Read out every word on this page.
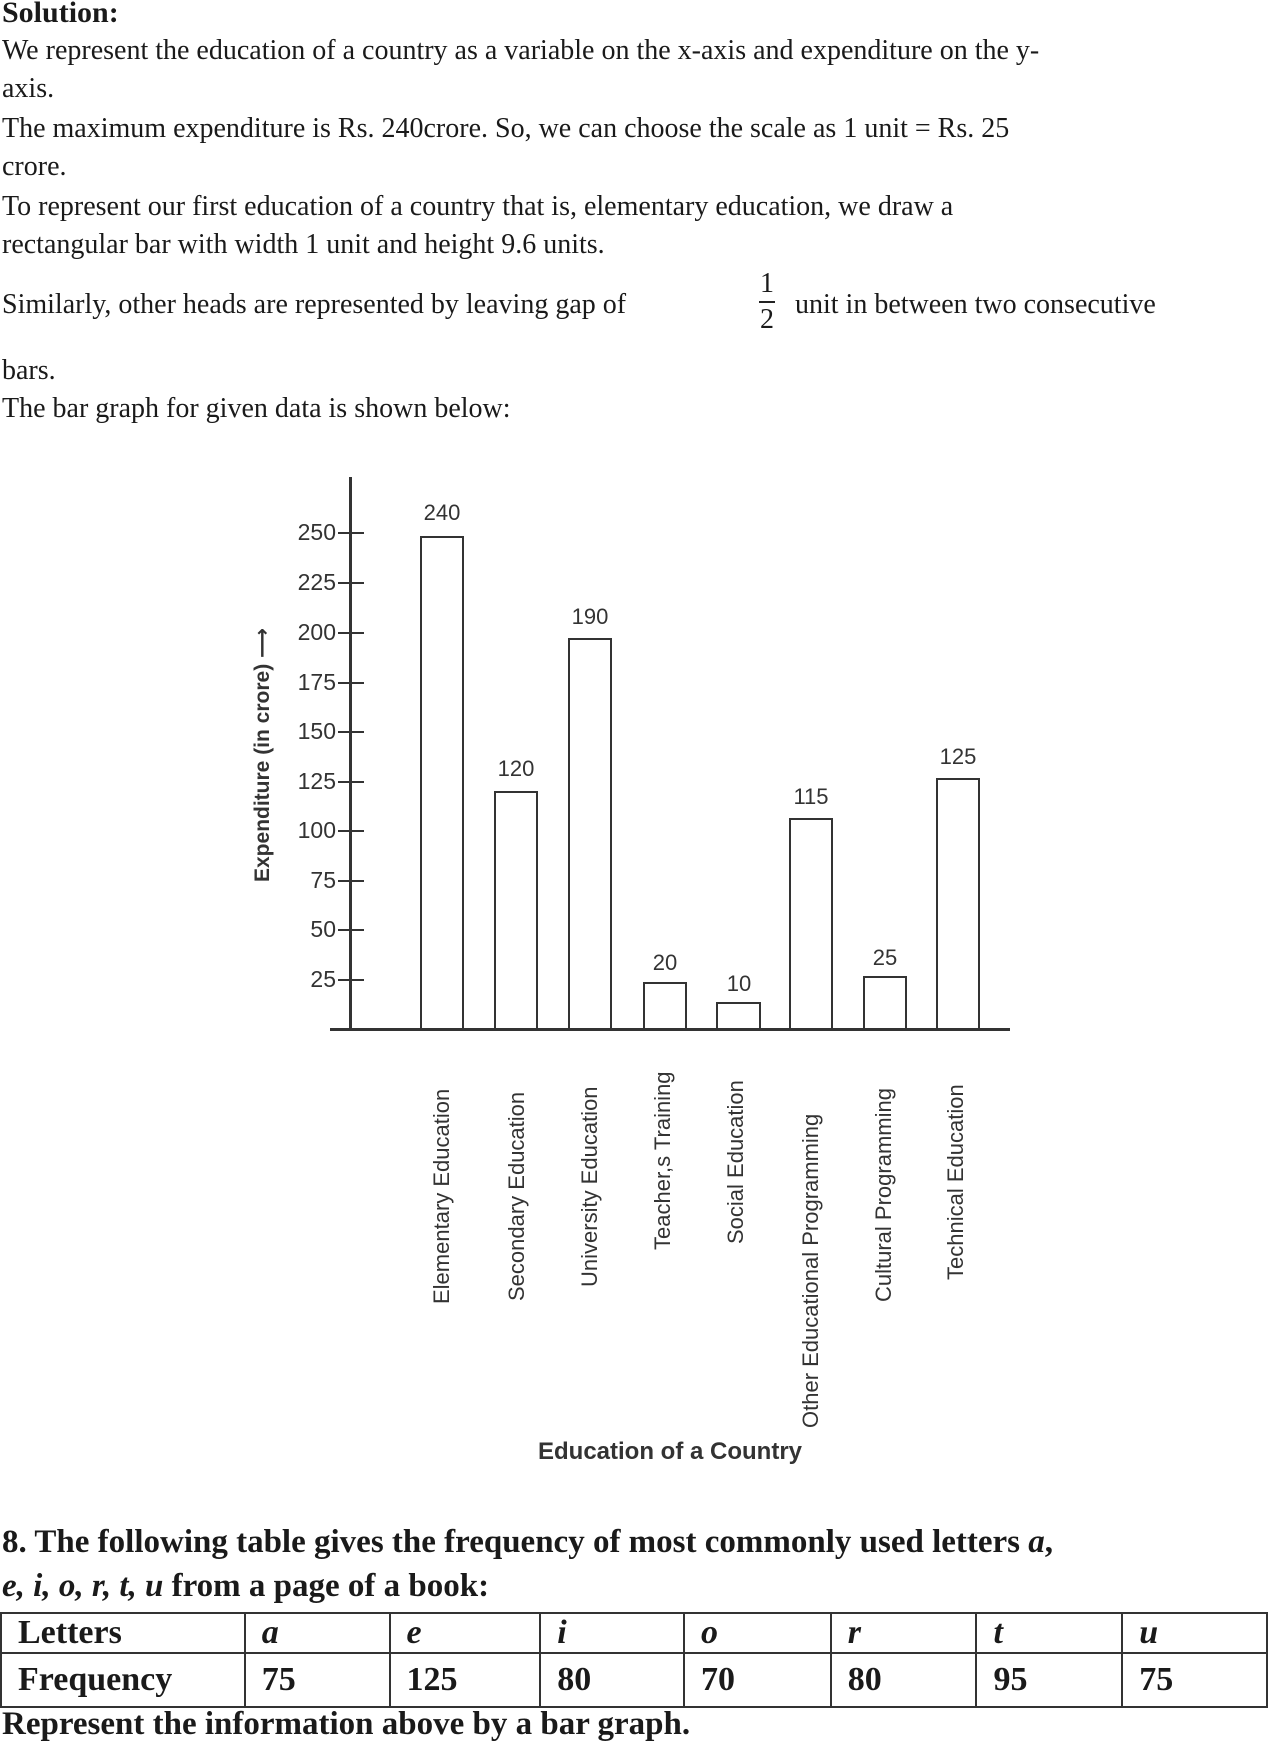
Solution:
We represent the education of a country as a variable on the x-axis and expenditure on the y-
axis.
The maximum expenditure is Rs. 240crore. So, we can choose the scale as 1 unit = Rs. 25
crore.
To represent our first education of a country that is, elementary education, we draw a
rectangular bar with width 1 unit and height 9.6 units.
Similarly, other heads are represented by leaving gap of
1
2 unit in between two consecutive
bars.
The bar graph for given data is shown below:
Expenditure (in crore) ⟶
250
225
200
175
150
125
100
75
50
25
240
120
190
20
10
115
25
125
Elementary Education Secondary Education University Education Teacher,s Training Social Education Other Educational Programming Cultural Programming Technical Education
Education of a Country
8. The following table gives the frequency of most commonly used letters a,
e, i, o, r, t, u from a page of a book:
Letters	a	e	i	o	r	t	u
Frequency	75	125	80	70	80	95	75
Represent the information above by a bar graph.
